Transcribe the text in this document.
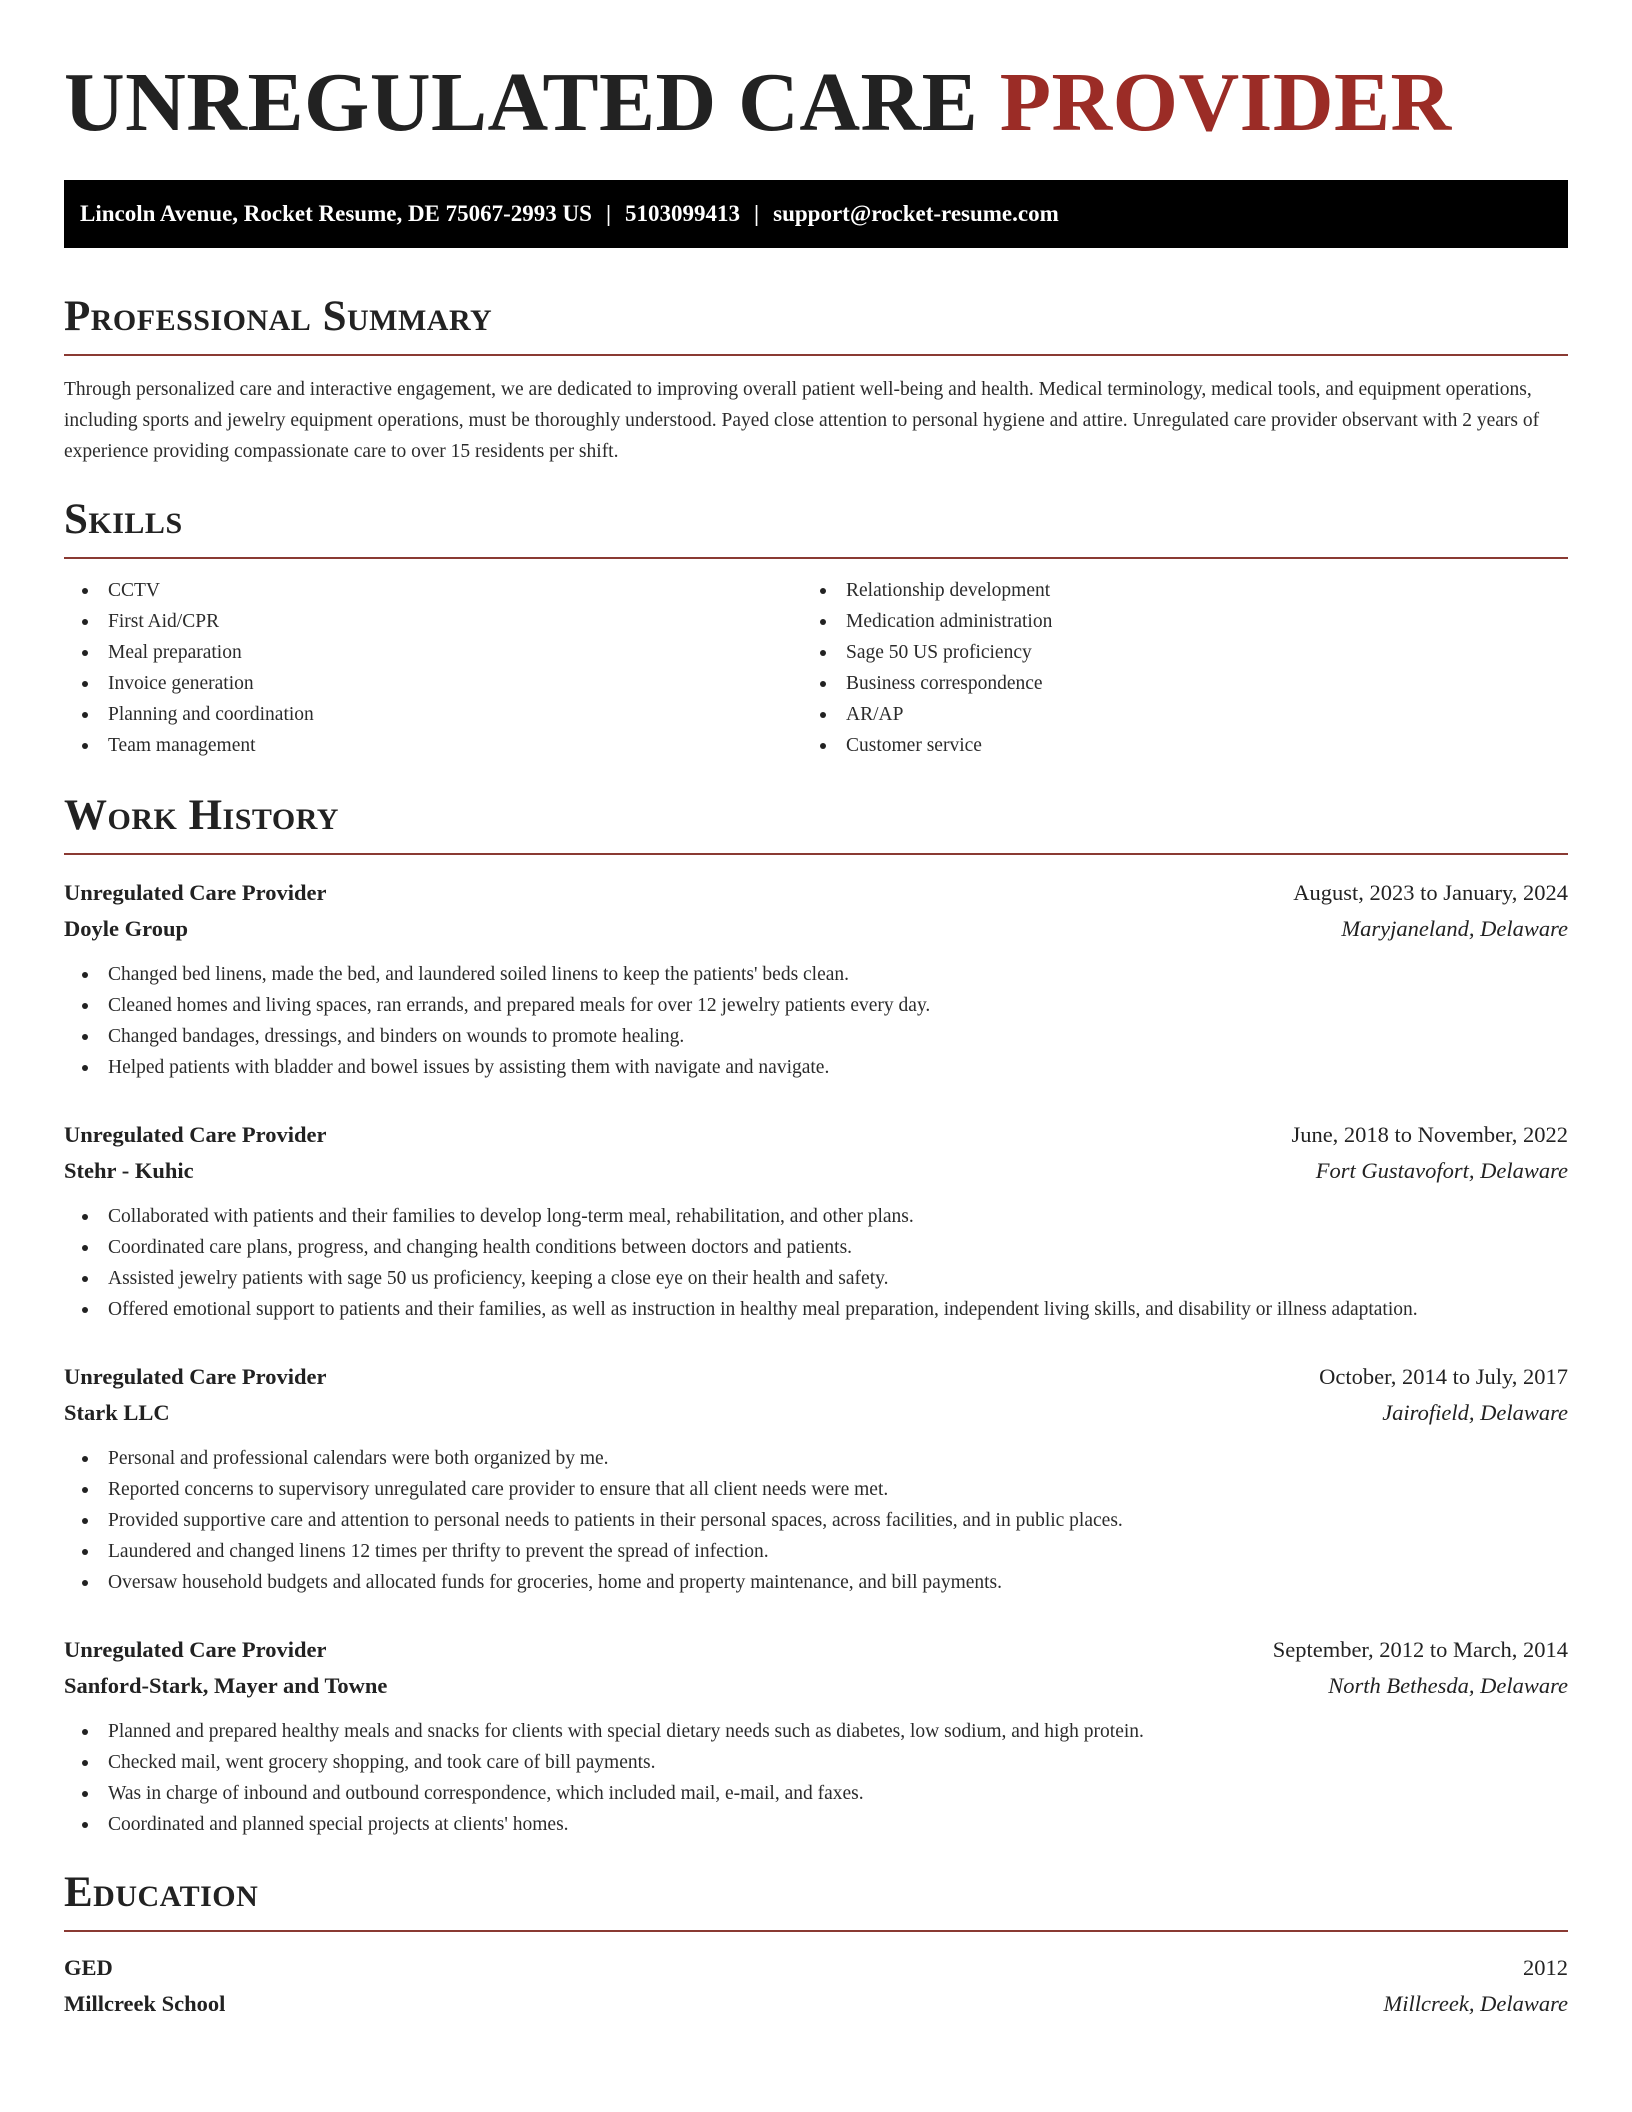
UNREGULATED CARE PROVIDER
Lincoln Avenue, Rocket Resume, DE 75067-2993 US | 5103099413 | support@rocket-resume.com
Professional Summary

Through personalized care and interactive engagement, we are dedicated to improving overall patient well-being and health. Medical terminology, medical tools, and equipment operations, including sports and jewelry equipment operations, must be thoroughly understood. Payed close attention to personal hygiene and attire. Unregulated care provider observant with 2 years of experience providing compassionate care to over 15 residents per shift.

Skills
CCTV
First Aid/CPR
Meal preparation
Invoice generation
Planning and coordination
Team management
Relationship development
Medication administration
Sage 50 US proficiency
Business correspondence
AR/AP
Customer service
Work History
Unregulated Care Provider	August, 2023 to January, 2024
Doyle Group	Maryjaneland, Delaware
Changed bed linens, made the bed, and laundered soiled linens to keep the patients' beds clean.
Cleaned homes and living spaces, ran errands, and prepared meals for over 12 jewelry patients every day.
Changed bandages, dressings, and binders on wounds to promote healing.
Helped patients with bladder and bowel issues by assisting them with navigate and navigate.
Unregulated Care Provider	June, 2018 to November, 2022
Stehr - Kuhic	Fort Gustavofort, Delaware
Collaborated with patients and their families to develop long-term meal, rehabilitation, and other plans.
Coordinated care plans, progress, and changing health conditions between doctors and patients.
Assisted jewelry patients with sage 50 us proficiency, keeping a close eye on their health and safety.
Offered emotional support to patients and their families, as well as instruction in healthy meal preparation, independent living skills, and disability or illness adaptation.
Unregulated Care Provider	October, 2014 to July, 2017
Stark LLC	Jairofield, Delaware
Personal and professional calendars were both organized by me.
Reported concerns to supervisory unregulated care provider to ensure that all client needs were met.
Provided supportive care and attention to personal needs to patients in their personal spaces, across facilities, and in public places.
Laundered and changed linens 12 times per thrifty to prevent the spread of infection.
Oversaw household budgets and allocated funds for groceries, home and property maintenance, and bill payments.
Unregulated Care Provider	September, 2012 to March, 2014
Sanford-Stark, Mayer and Towne	North Bethesda, Delaware
Planned and prepared healthy meals and snacks for clients with special dietary needs such as diabetes, low sodium, and high protein.
Checked mail, went grocery shopping, and took care of bill payments.
Was in charge of inbound and outbound correspondence, which included mail, e-mail, and faxes.
Coordinated and planned special projects at clients' homes.
Education
GED	2012
Millcreek School	Millcreek, Delaware
